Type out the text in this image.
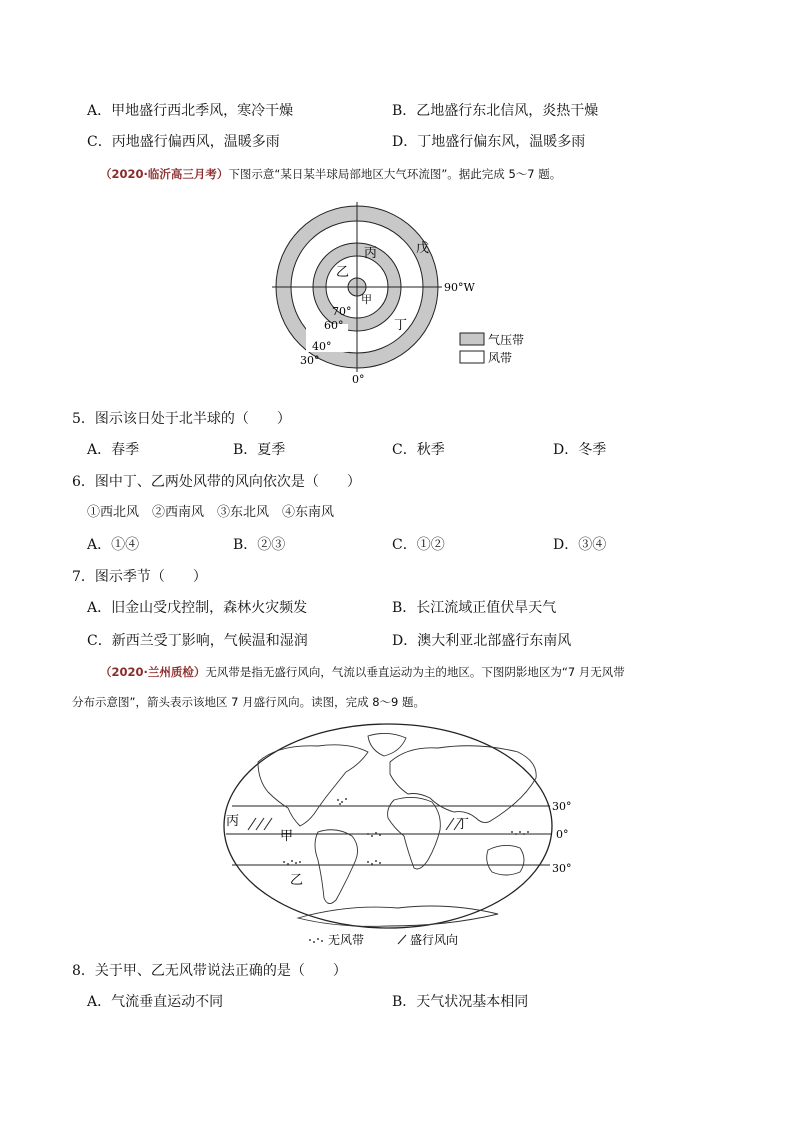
A．甲地盛行西北季风，寒冷干燥	B．乙地盛行东北信风，炎热干燥
C．丙地盛行偏西风，温暖多雨	D．丁地盛行偏东风，温暖多雨
（2020·临沂高三月考）下图示意“某日某半球局部地区大气环流图”。据此完成 5～7 题。
丙	戊
乙
甲
丁
90°W
70°
60°
40°
30°
0°
气压带
风带
5．图示该日处于北半球的（　　）
A．春季	B．夏季	C．秋季	D．冬季
6．图中丁、乙两处风带的风向依次是（　　）
①西北风　②西南风　③东北风　④东南风
A．①④	B．②③	C．①②	D．③④
7．图示季节（　　）
A．旧金山受戊控制，森林火灾频发	B．长江流域正值伏旱天气
C．新西兰受丁影响，气候温和湿润	D．澳大利亚北部盛行东南风
（2020·兰州质检）无风带是指无盛行风向，气流以垂直运动为主的地区。下图阴影地区为“7 月无风带
分布示意图”，箭头表示该地区 7 月盛行风向。读图，完成 8～9 题。
丙
甲
乙
丁
30°
0°
30°
无风带	盛行风向
8．关于甲、乙无风带说法正确的是（　　）
A．气流垂直运动不同	B．天气状况基本相同
